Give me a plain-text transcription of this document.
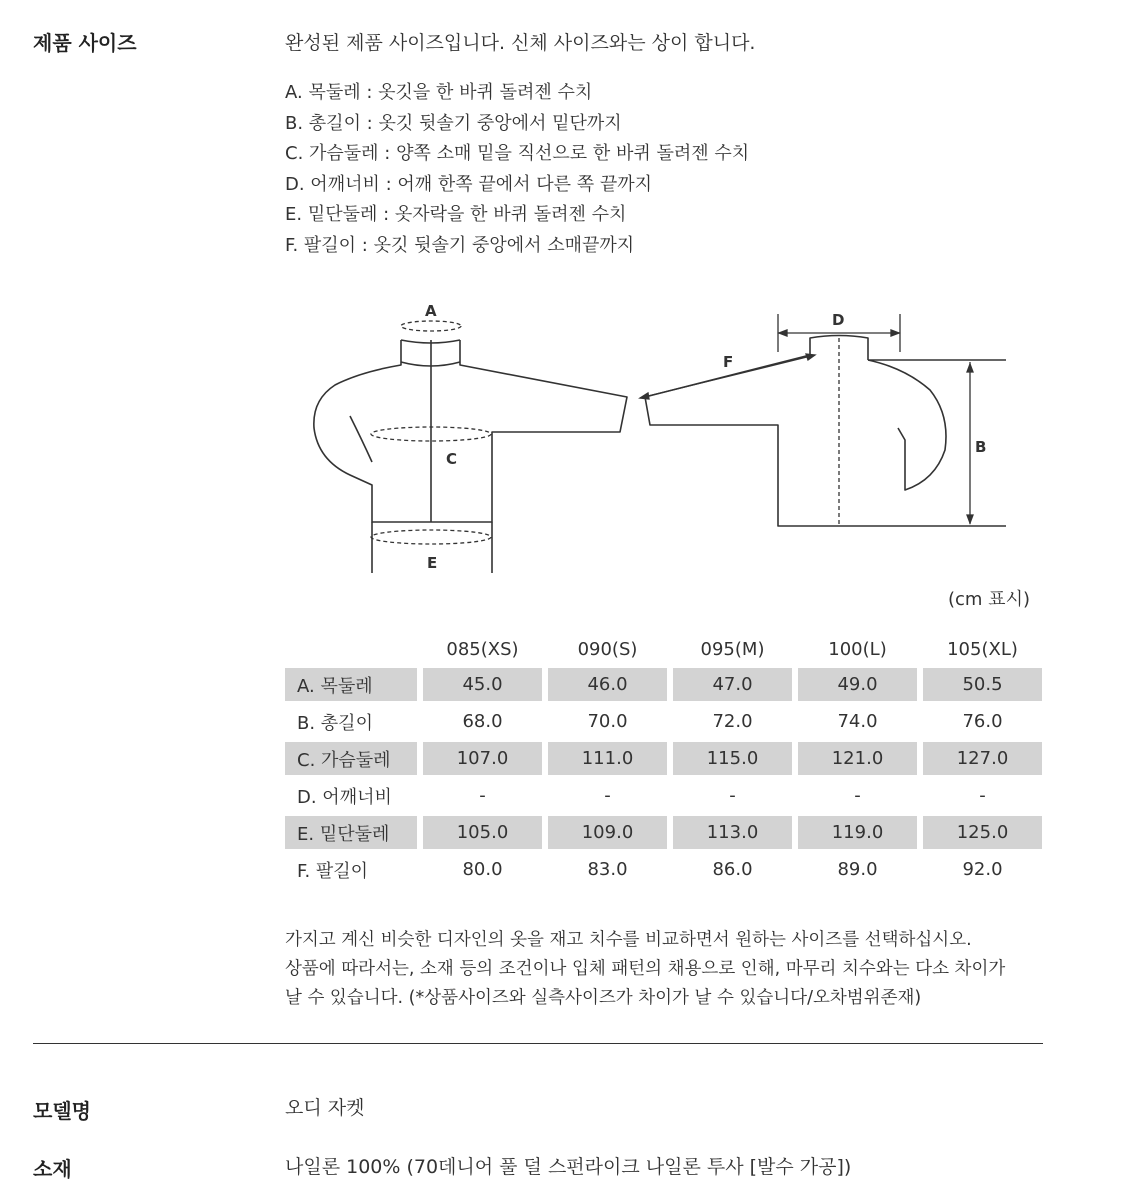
제품 사이즈	완성된 제품 사이즈입니다. 신체 사이즈와는 상이 합니다.
A. 목둘레 : 옷깃을 한 바퀴 돌려젠 수치
B. 총길이 : 옷깃 뒷솔기 중앙에서 밑단까지
C. 가슴둘레 : 양쪽 소매 밑을 직선으로 한 바퀴 돌려젠 수치
D. 어깨너비 : 어깨 한쪽 끝에서 다른 쪽 끝까지
E. 밑단둘레 : 옷자락을 한 바퀴 돌려젠 수치
F. 팔길이 : 옷깃 뒷솔기 중앙에서 소매끝까지
A
C
E
D
F
B
(cm 표시)
	085(XS)	090(S)	095(M)	100(L)	105(XL)
A. 목둘레	45.0	46.0	47.0	49.0	50.5
B. 총길이	68.0	70.0	72.0	74.0	76.0
C. 가슴둘레	107.0	111.0	115.0	121.0	127.0
D. 어깨너비	-	-	-	-	-
E. 밑단둘레	105.0	109.0	113.0	119.0	125.0
F. 팔길이	80.0	83.0	86.0	89.0	92.0
가지고 계신 비슷한 디자인의 옷을 재고 치수를 비교하면서 원하는 사이즈를 선택하십시오.
상품에 따라서는, 소재 등의 조건이나 입체 패턴의 채용으로 인해, 마무리 치수와는 다소 차이가
날 수 있습니다. (*상품사이즈와 실측사이즈가 차이가 날 수 있습니다/오차범위존재)
모델명	오디 자켓
소재	나일론 100% (70데니어 풀 덜 스펀라이크 나일론 투사 [발수 가공])
